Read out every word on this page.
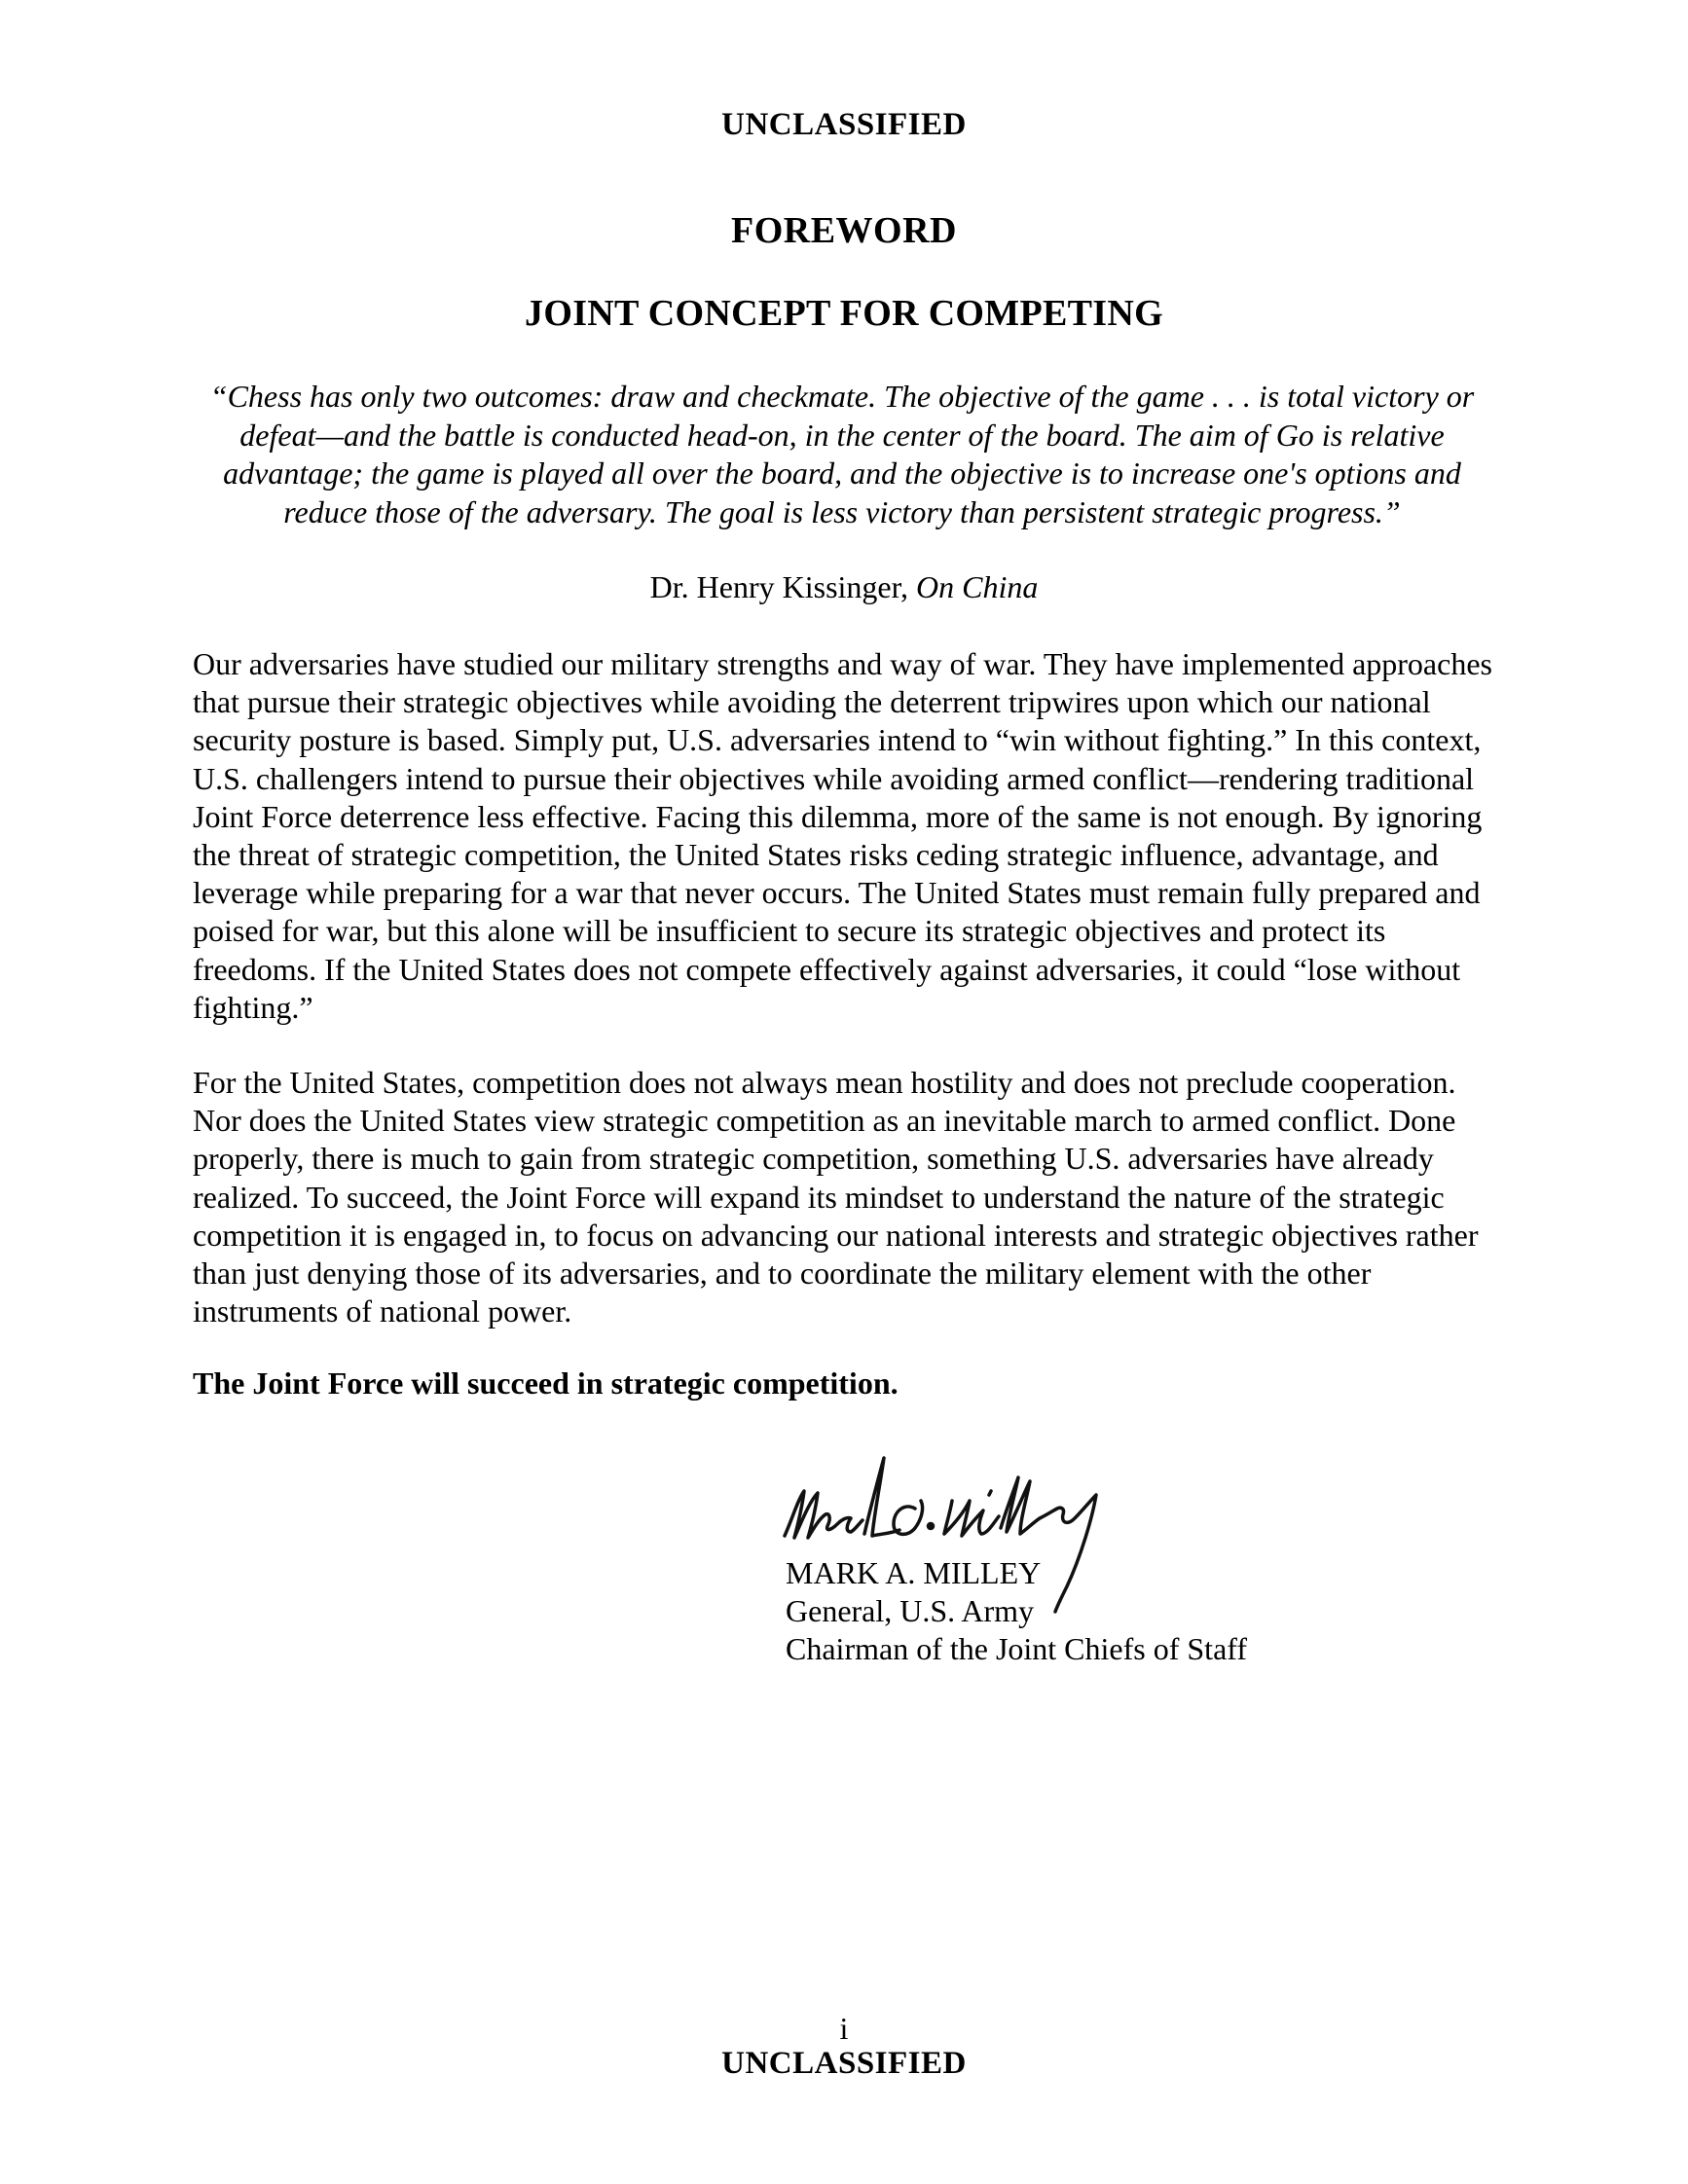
UNCLASSIFIED
FOREWORD
JOINT CONCEPT FOR COMPETING
“Chess has only two outcomes: draw and checkmate. The objective of the game . . . is total victory or defeat—and the battle is conducted head-on, in the center of the board. The aim of Go is relative advantage; the game is played all over the board, and the objective is to increase one's options and reduce those of the adversary. The goal is less victory than persistent strategic progress.”
Dr. Henry Kissinger, On China
Our adversaries have studied our military strengths and way of war. They have implemented approaches that pursue their strategic objectives while avoiding the deterrent tripwires upon which our national security posture is based. Simply put, U.S. adversaries intend to “win without fighting.” In this context, U.S. challengers intend to pursue their objectives while avoiding armed conflict—rendering traditional Joint Force deterrence less effective. Facing this dilemma, more of the same is not enough. By ignoring the threat of strategic competition, the United States risks ceding strategic influence, advantage, and leverage while preparing for a war that never occurs. The United States must remain fully prepared and poised for war, but this alone will be insufficient to secure its strategic objectives and protect its freedoms. If the United States does not compete effectively against adversaries, it could “lose without fighting.”
For the United States, competition does not always mean hostility and does not preclude cooperation. Nor does the United States view strategic competition as an inevitable march to armed conflict. Done properly, there is much to gain from strategic competition, something U.S. adversaries have already realized. To succeed, the Joint Force will expand its mindset to understand the nature of the strategic competition it is engaged in, to focus on advancing our national interests and strategic objectives rather than just denying those of its adversaries, and to coordinate the military element with the other instruments of national power.
The Joint Force will succeed in strategic competition.
MARK A. MILLEY
General, U.S. Army
Chairman of the Joint Chiefs of Staff
i
UNCLASSIFIED
